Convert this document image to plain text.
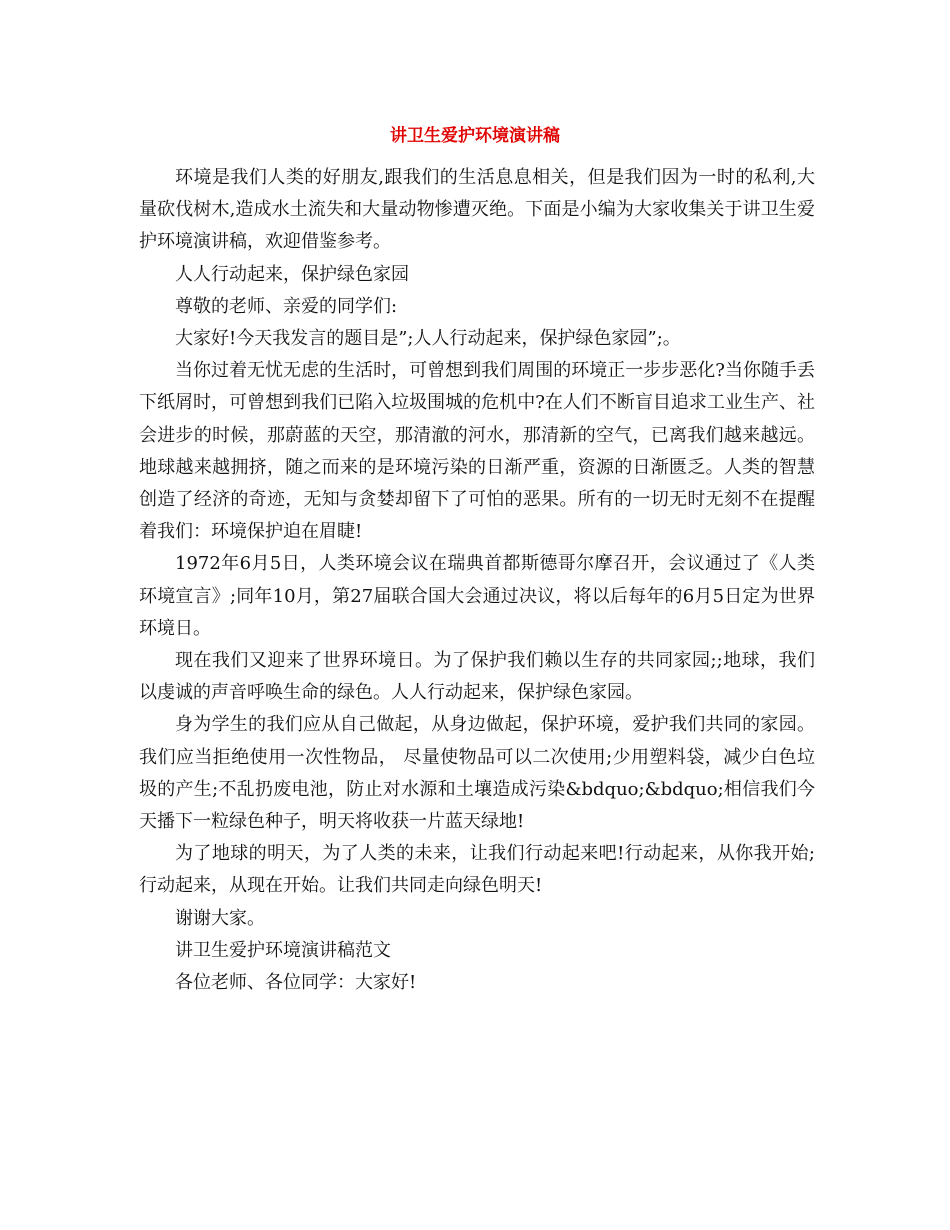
讲卫生爱护环境演讲稿

环境是我们人类的好朋友,跟我们的生活息息相关，但是我们因为一时的私利,大量砍伐树木,造成水土流失和大量动物惨遭灭绝。下面是小编为大家收集关于讲卫生爱护环境演讲稿，欢迎借鉴参考。

人人行动起来，保护绿色家园

尊敬的老师、亲爱的同学们:

大家好!今天我发言的题目是”;人人行动起来，保护绿色家园”;。

当你过着无忧无虑的生活时，可曾想到我们周围的环境正一步步恶化?当你随手丢下纸屑时，可曾想到我们已陷入垃圾围城的危机中?在人们不断盲目追求工业生产、社会进步的时候，那蔚蓝的天空，那清澈的河水，那清新的空气，已离我们越来越远。地球越来越拥挤，随之而来的是环境污染的日渐严重，资源的日渐匮乏。人类的智慧创造了经济的奇迹，无知与贪婪却留下了可怕的恶果。所有的一切无时无刻不在提醒着我们：环境保护迫在眉睫!

1972年6月5日，人类环境会议在瑞典首都斯德哥尔摩召开，会议通过了《人类环境宣言》;同年10月，第27届联合国大会通过决议，将以后每年的6月5日定为世界环境日。

现在我们又迎来了世界环境日。为了保护我们赖以生存的共同家园;;地球，我们以虔诚的声音呼唤生命的绿色。人人行动起来，保护绿色家园。

身为学生的我们应从自己做起，从身边做起，保护环境，爱护我们共同的家园。我们应当拒绝使用一次性物品， 尽量使物品可以二次使用;少用塑料袋，减少白色垃圾的产生;不乱扔废电池，防止对水源和土壤造成污染&bdquo;&bdquo;相信我们今天播下一粒绿色种子，明天将收获一片蓝天绿地!

为了地球的明天，为了人类的未来，让我们行动起来吧!行动起来，从你我开始;行动起来，从现在开始。让我们共同走向绿色明天!

谢谢大家。

讲卫生爱护环境演讲稿范文

各位老师、各位同学：大家好!
